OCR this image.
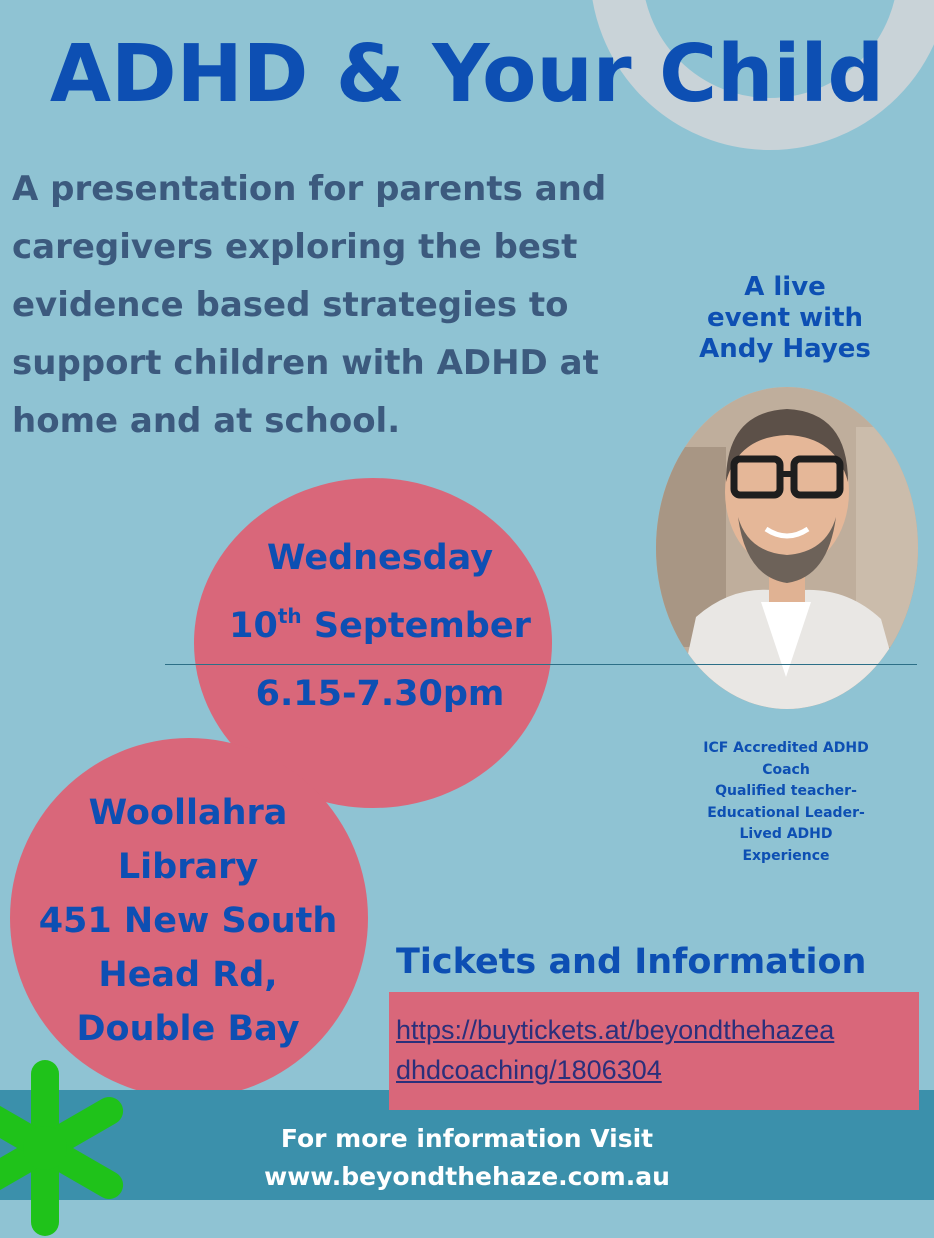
ADHD & Your Child
A presentation for parents and
caregivers exploring the best
evidence based strategies to
support children with ADHD at
home and at school.
A live
event with
Andy Hayes
ICF Accredited ADHD
Coach
Qualified teacher-
Educational Leader-
Lived ADHD
Experience
Wednesday
10th September
6.15-7.30pm
Woollahra
Library
451 New South
Head Rd,
Double Bay
Tickets and Information
https://buytickets.at/beyondthehazea
dhdcoaching/1806304
For more information Visit
www.beyondthehaze.com.au
